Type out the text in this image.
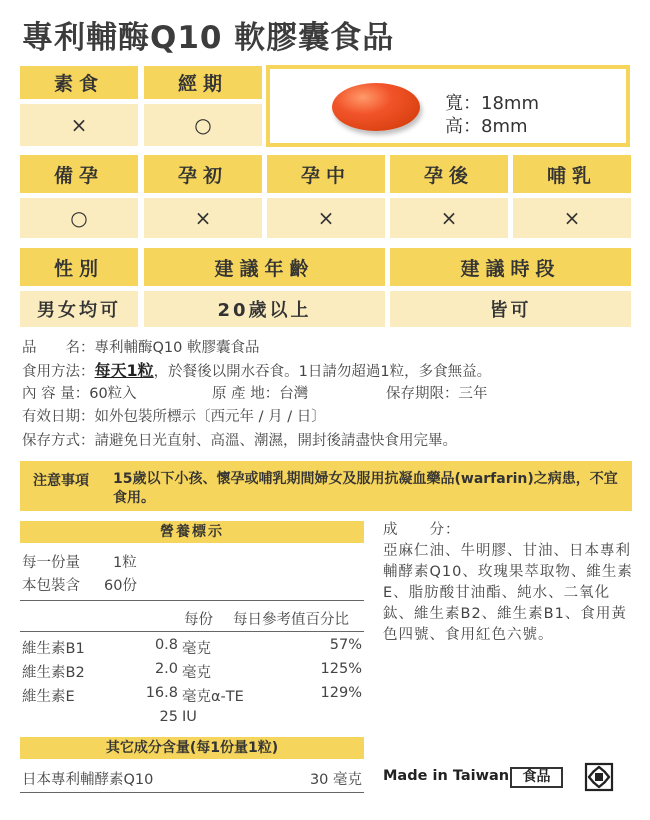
專利輔酶Q10 軟膠囊食品
素食	經期
×	○
寬：18mm
高：8mm
備孕	孕初	孕中	孕後	哺乳
○	×	×	×	×
性別	建議年齡	建議時段
男女均可	20歲以上	皆可
品　　名：專利輔酶Q10 軟膠囊食品
食用方法：每天1粒，於餐後以開水吞食。1日請勿超過1粒，多食無益。
內 容 量：60粒入	原 產 地：台灣	保存期限：三年
有效日期：如外包裝所標示〔西元年 / 月 / 日〕
保存方式：請避免日光直射、高溫、潮濕，開封後請盡快食用完畢。
注意事項 15歲以下小孩、懷孕或哺乳期間婦女及服用抗凝血藥品(warfarin)之病患，不宜食用。
營養標示
每一份量 1粒
本包裝含 60份
每份 每日參考值百分比
維生素B1	0.8 毫克	57%
維生素B2	2.0 毫克	125%
維生素E	16.8 毫克α-TE	129%
25 IU
其它成分含量(每1份量1粒)
日本專利輔酵素Q10	30 毫克
成　　分：
亞麻仁油、牛明膠、甘油、日本專利輔酵素Q10、玫瑰果萃取物、維生素E、脂肪酸甘油酯、純水、二氧化鈦、維生素B2、維生素B1、食用黃色四號、食用紅色六號。
Made in Taiwan 食品
